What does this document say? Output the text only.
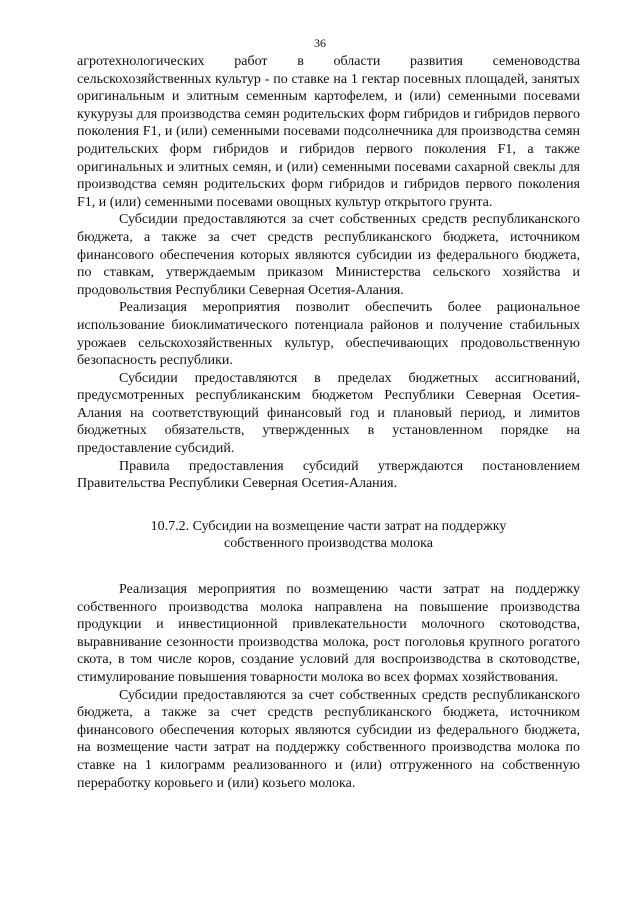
36

агротехнологических работ в области развития семеноводства сельскохозяйственных культур - по ставке на 1 гектар посевных площадей, занятых оригинальным и элитным семенным картофелем, и (или) семенными посевами кукурузы для производства семян родительских форм гибридов и гибридов первого поколения F1, и (или) семенными посевами подсолнечника для производства семян родительских форм гибридов и гибридов первого поколения F1, а также оригинальных и элитных семян, и (или) семенными посевами сахарной свеклы для производства семян родительских форм гибридов и гибридов первого поколения F1, и (или) семенными посевами овощных культур открытого грунта.

Субсидии предоставляются за счет собственных средств республиканского бюджета, а также за счет средств республиканского бюджета, источником финансового обеспечения которых являются субсидии из федерального бюджета, по ставкам, утверждаемым приказом Министерства сельского хозяйства и продовольствия Республики Северная Осетия-Алания.

Реализация мероприятия позволит обеспечить более рациональное использование биоклиматического потенциала районов и получение стабильных урожаев сельскохозяйственных культур, обеспечивающих продовольственную безопасность республики.

Субсидии предоставляются в пределах бюджетных ассигнований, предусмотренных республиканским бюджетом Республики Северная Осетия-Алания на соответствующий финансовый год и плановый период, и лимитов бюджетных обязательств, утвержденных в установленном порядке на предоставление субсидий.

Правила предоставления субсидий утверждаются постановлением Правительства Республики Северная Осетия-Алания.

10.7.2. Субсидии на возмещение части затрат на поддержку
собственного производства молока

Реализация мероприятия по возмещению части затрат на поддержку собственного производства молока направлена на повышение производства продукции и инвестиционной привлекательности молочного скотоводства, выравнивание сезонности производства молока, рост поголовья крупного рогатого скота, в том числе коров, создание условий для воспроизводства в скотоводстве, стимулирование повышения товарности молока во всех формах хозяйствования.

Субсидии предоставляются за счет собственных средств республиканского бюджета, а также за счет средств республиканского бюджета, источником финансового обеспечения которых являются субсидии из федерального бюджета, на возмещение части затрат на поддержку собственного производства молока по ставке на 1 килограмм реализованного и (или) отгруженного на собственную переработку коровьего и (или) козьего молока.
